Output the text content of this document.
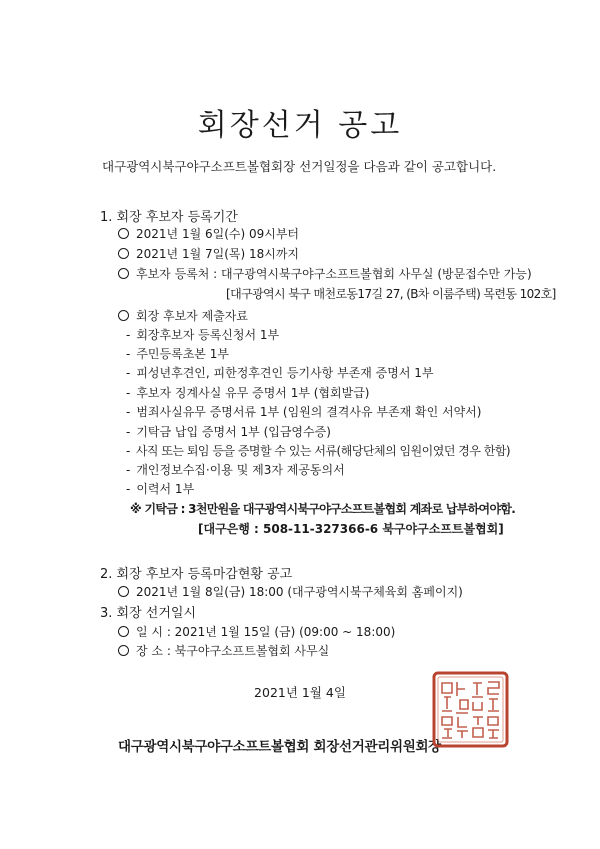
회장선거 공고
대구광역시북구야구소프트볼협회장 선거일정을 다음과 같이 공고합니다.
1. 회장 후보자 등록기간
2021년 1월 6일(수) 09시부터
2021년 1월 7일(목) 18시까지
후보자 등록처 : 대구광역시북구야구소프트볼협회 사무실 (방문접수만 가능)
[대구광역시 북구 매천로동17길 27, (B차 이룸주택) 목련동 102호]
회장 후보자 제출자료
- 회장후보자 등록신청서 1부
- 주민등록초본 1부
- 피성년후견인, 피한정후견인 등기사항 부존재 증명서 1부
- 후보자 징계사실 유무 증명서 1부 (협회발급)
- 범죄사실유무 증명서류 1부 (임원의 결격사유 부존재 확인 서약서)
- 기탁금 납입 증명서 1부 (입금영수증)
- 사직 또는 퇴임 등을 증명할 수 있는 서류(해당단체의 임원이였던 경우 한함)
- 개인정보수집·이용 및 제3자 제공동의서
- 이력서 1부
※ 기탁금 : 3천만원을 대구광역시북구야구소프트볼협회 계좌로 납부하여야함.
[대구은행 : 508-11-327366-6 북구야구소프트볼협회]
2. 회장 후보자 등록마감현황 공고
2021년 1월 8일(금) 18:00 (대구광역시북구체육회 홈페이지)
3. 회장 선거일시
일 시 : 2021년 1월 15일 (금) (09:00 ~ 18:00)
장 소 : 북구야구소프트볼협회 사무실
2021년 1월 4일
대구광역시북구야구소프트볼협회 회장선거관리위원회장
